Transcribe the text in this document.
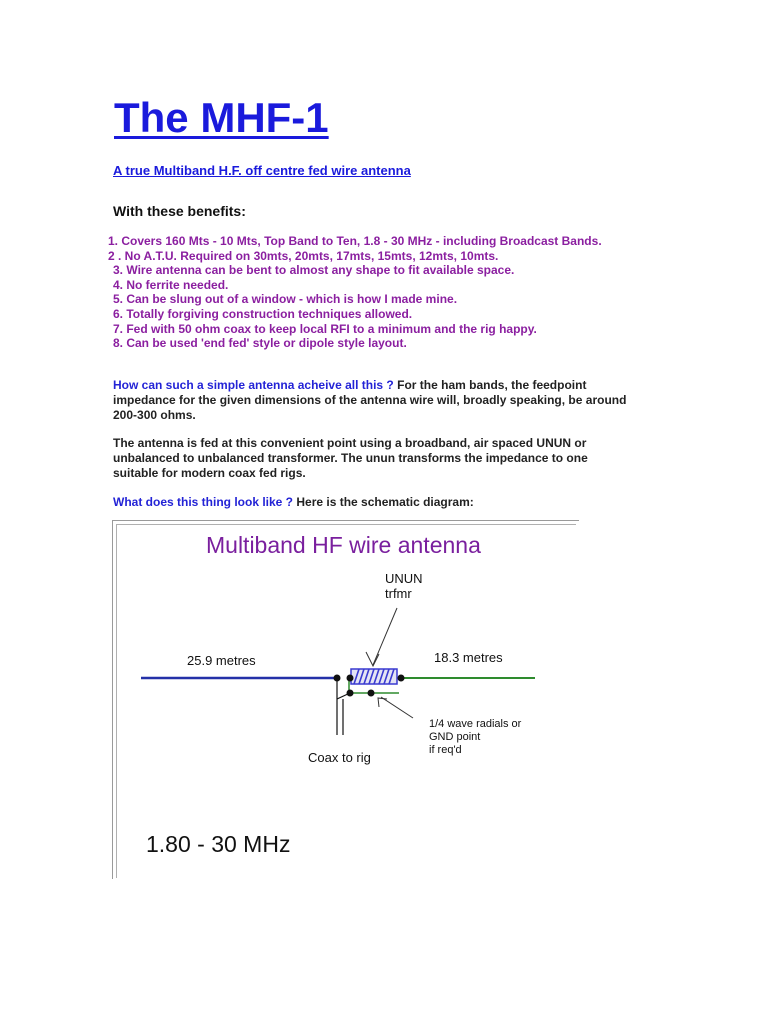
The MHF-1
A true Multiband H.F. off centre fed wire antenna
With these benefits:
1. Covers 160 Mts - 10 Mts, Top Band to Ten, 1.8 - 30 MHz - including Broadcast Bands.
2 . No A.T.U. Required on 30mts, 20mts, 17mts, 15mts, 12mts, 10mts.
3. Wire antenna can be bent to almost any shape to fit available space.
4. No ferrite needed.
5. Can be slung out of a window - which is how I made mine.
6. Totally forgiving construction techniques allowed.
7. Fed with 50 ohm coax to keep local RFI to a minimum and the rig happy.
8. Can be used 'end fed' style or dipole style layout.
How can such a simple antenna acheive all this ? For the ham bands, the feedpoint
impedance for the given dimensions of the antenna wire will, broadly speaking, be around
200-300 ohms.
The antenna is fed at this convenient point using a broadband, air spaced UNUN or
unbalanced to unbalanced transformer. The unun transforms the impedance to one
suitable for modern coax fed rigs.
What does this thing look like ? Here is the schematic diagram:
Multiband HF wire antenna
UNUN
trfmr
25.9 metres	18.3 metres
1/4 wave radials or
GND point
if req'd
Coax to rig
1.80 - 30 MHz
